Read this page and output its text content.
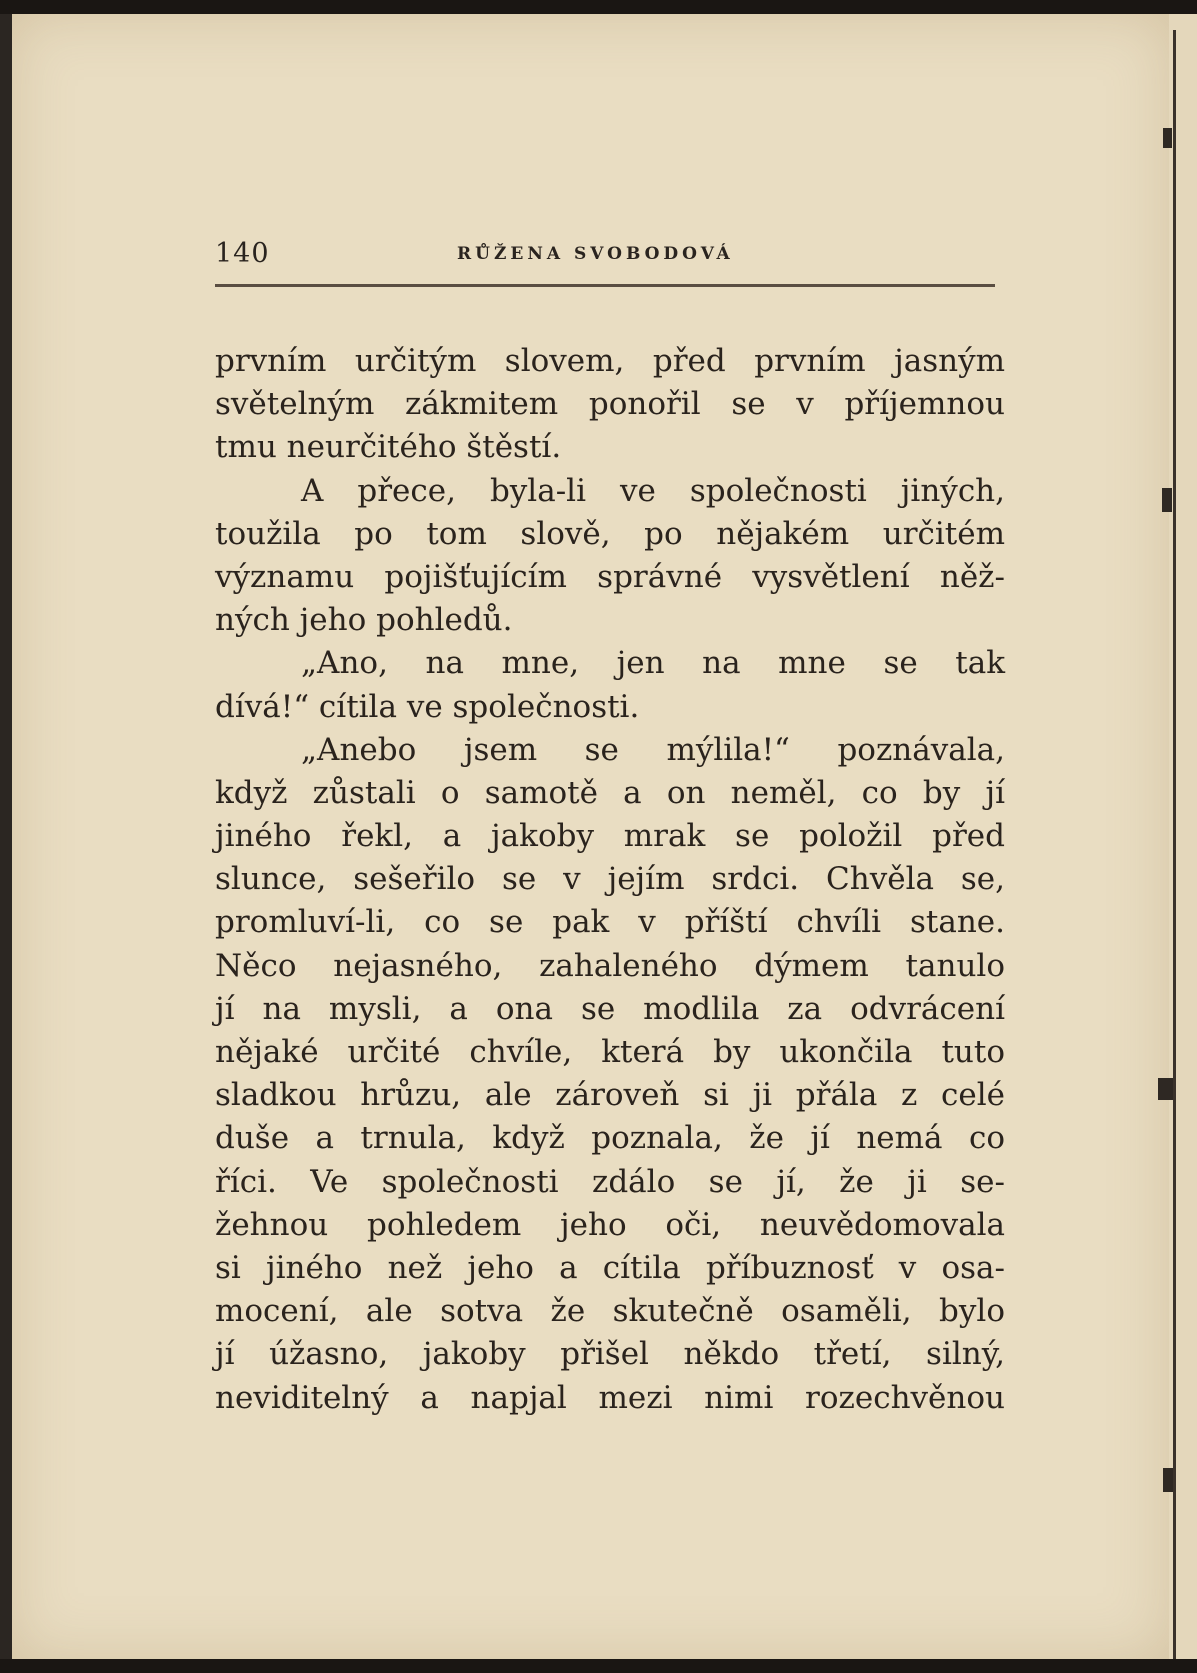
140	RŮŽENA SVOBODOVÁ
prvním určitým slovem, před prvním jasným
světelným zákmitem ponořil se v příjemnou
tmu neurčitého štěstí.
A přece, byla-li ve společnosti jiných,
toužila po tom slově, po nějakém určitém
významu pojišťujícím správné vysvětlení něž-
ných jeho pohledů.
„Ano, na mne, jen na mne se tak
dívá!“ cítila ve společnosti.
„Anebo jsem se mýlila!“ poznávala,
když zůstali o samotě a on neměl, co by jí
jiného řekl, a jakoby mrak se položil před
slunce, sešeřilo se v jejím srdci. Chvěla se,
promluví-li, co se pak v příští chvíli stane.
Něco nejasného, zahaleného dýmem tanulo
jí na mysli, a ona se modlila za odvrácení
nějaké určité chvíle, která by ukončila tuto
sladkou hrůzu, ale zároveň si ji přála z celé
duše a trnula, když poznala, že jí nemá co
říci. Ve společnosti zdálo se jí, že ji se-
žehnou pohledem jeho oči, neuvědomovala
si jiného než jeho a cítila příbuznosť v osa-
mocení, ale sotva že skutečně osaměli, bylo
jí úžasno, jakoby přišel někdo třetí, silný,
neviditelný a napjal mezi nimi rozechvěnou
